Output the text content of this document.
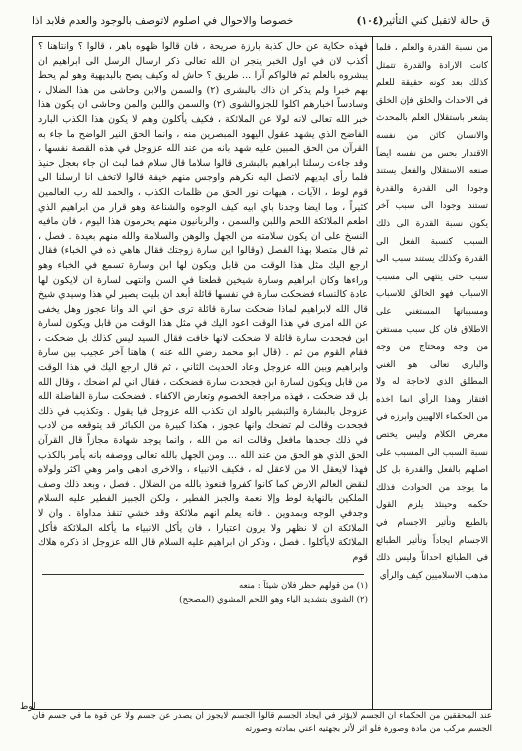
ق حالة لاتقبل كني التأثير
(١٠٤)
خصوصاً والاحوال في اصلوم لاتوصف بالوجود والعدم فلابد اذا

فهذه حكاية عن حال كذبة بارزة صريحة ، فان قالوا ظهوه باهر ، قالوا ؟ وانتاهنا ؟ أكذب لان في اول الخبر ينجر ان الله تعالى ذكر ارسال الرسل الى ابراهيم ان يبشروه بالعلم ثم فالواكم آرا ... طريق ؟ حاش له وكيف يصح بالبديهية وهو لم يحط بهم خبرا ولم يذكر ان ذاك بالبشرى (٢) والسمن والابن وحاشى من هذا الضلال ، وسادساً اخبارهم اكلوا للجزوالشوى (٢) والسمن واللبن والمن وحاشى ان يكون هذا خبر الله تعالى لانه لولا عن الملائكة ، فكيف يأكلون وهم لا يكون هذا الكذب البارد الفاضح الذي يشهد عقول اليهود المبصرين منه ، وانما الحق النير الواضح ما جاء به القرآن من الحق المبين عليه شهد بانه من عند الله عزوجل في هذه القصة نفسها ، وقد جاءت رسلنا ابراهيم بالبشرى قالوا سلاما قال سلام فما لبث ان جاء بعجل حنيذ فلما رأى ايديهم لاتصل اليه نكرهم واوجس منهم خيفة قالوا لاتخف انا ارسلنا الى قوم لوط ، الآيات ، هيهات نور الحق من ظلمات الكذب ، والحمد لله رب العالمين كثيراً ، وما ايضا وجدنا باي ابيه كيف الوجوه والشناعة وهو قرار من ابراهيم الذي اطعم الملائكة اللحم واللبن والسمن ، والربانيون منهم يحرمون هذا اليوم ، فان مافيه النسخ على ان يكون سلامته من الجهل والوهن والسلامة والله منهم بعيدة . فصل ، ثم قال متصلا بهذا الفصل (وقالوا اين سارة زوجتك فقال هاهي ذه في الخباء) فقال ارجع اليك مثل هذا الوقت من قابل ويكون لها ابن وسارة تسمع في الخباء وهو وراءها وكان ابراهيم وسارة شيخين قطعنا في السن وانتهى لسارة ان لايكون لها عادة كالنساء فضحكت سارة في نفسها قائلة أبعد ان بليت يصير لي هذا وسيدي شيخ قال الله لابراهيم لماذا ضحكت سارة قائلة ترى حق اني الد وانا عجوز وهل يخفى عن الله امرى في هذا الوقت اعود اليك في مثل هذا الوقت من قابل ويكون لسارة ابن فجحدت سارة قائلة لا ضحكت لانها خافت فقال السيد ليس كذلك بل ضحكت ، فقام القوم من ثم . (قال ابو محمد رضي الله عنه ) هاهنا آخر عجيب بين سارة وابراهيم وبين الله عزوجل وعاد الحديث الثاني ، ثم قال ارجع اليك في هذا الوقت من قابل ويكون لسارة ابن فجحدت سارة فضحكت ، فقال اني لم اضحك ، وقال الله بل قد ضحكت ، فهذه مراجعة الخصوم وتعارض الاكفاء . فضحكت سارة الفاضلة الله عزوجل بالبشارة والتبشير بالولد ان تكذب الله عزوجل فيا يقول . وتكذيب في ذلك فجحدت وقالت لم تضحك وانها عجوز ، هكذا كبيرة من الكبائر قد يتوقعه من لادب في ذلك جحدها مافعل وقالت انه من الله ، وانما يوجد شهادة مجازاً قال القرآن الحق الذي هو الحق من عند الله ... ومن الجهل بالله تعالى ووصفه بانه يأمر بالكذب فهذا لايعقل الا من لاعقل له ، فكيف الانبياء ، والاخرى ادهى وامر وهي اكثر ولولاه لنقض العالم الارض كما كانوا كفروا فنعوذ بالله من الضلال . فصل ، وبعد ذلك وصف الملكين بالنهاية لوط وإلا نعمة والجبز الفطير ، ولكن الجبيز الفطير عليه السلام وجدفي الوجه وبمدوين . فانه يعلم انهم ملائكة وقد خشي تنقذ مداواة . وان لا الملائكة ان لا نظهر ولا يرون اعتبارا ، فان يأكل الانبياء ما يأكله الملائكة فأكل الملائكة لايأكلوا . فصل ، وذكر ان ابراهيم عليه السلام قال الله عزوجل اذ ذكره هلاك قوم

(١) من قولهم حظر فلان شيئاً : منعه

(٢) الشوى بتشديد الياء وهو اللحم المشوي (المصحح)

من نسبة القدرة والعلم ، فلما كانت الارادة والقدرة تتمثل كذلك بعد كونه حقيقة للعلم في الاحداث والخلق فإن الخلق يشعر باستقلال العلم بالمحدث والانسان كائن من نفسه الاقتدار بحس من نفسه ايضاً صنعه الاستقلال والفعل يستند وجودا الى القدرة والقدرة تستند وجودا الى سبب آخر يكون نسبة القدرة الى ذلك السبب كنسبة الفعل الى القدرة وكذلك يستند سبب الى سبب حتى ينتهي الى مسبب الاسباب فهو الخالق للاسباب ومسبباتها المستغني على الاطلاق فان كل سبب مستغن من وجه ومحتاج من وجه والباري تعالى هو الغني المطلق الذي لاحاجة له ولا افتقار وهذا الرأي انما اخذه من الحكماء الالهيين وابرزه في معرض الكلام وليس يختص نسبة السبب الى المسبب على اصلهم بالفعل والقدرة بل كل ما يوجد من الحوادث فذلك حكمه وحينئذ يلزم القول بالطبع وتأثير الاجسام في الاجسام ايجاداً وتأثير الطبائع في الطبائع احداثاً وليس ذلك مذهب الاسلاميين كيف والرأي

لوط

عند المحققين من الحكماء ان الجسم لايؤثر في ايجاد الجسم قالوا الجسم لايجوز ان يصدر عن جسم ولا عن قوة ما في جسم فان الجسم مركب من مادة وصورة فلو اثر لأثر بجهتيه اعني بمادته وصورته
